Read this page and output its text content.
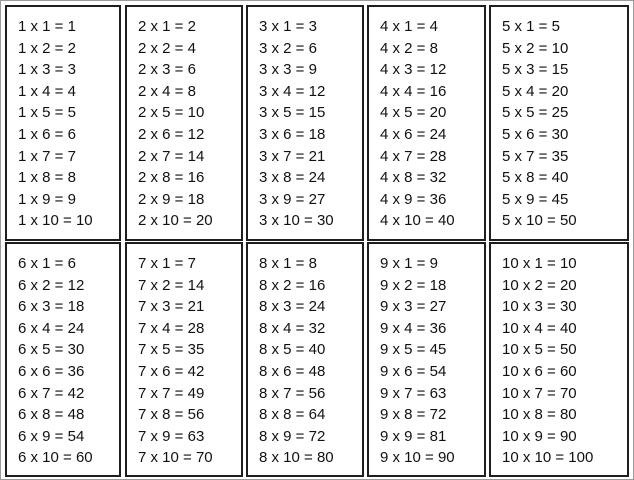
1 x 1 = 1
1 x 2 = 2
1 x 3 = 3
1 x 4 = 4
1 x 5 = 5
1 x 6 = 6
1 x 7 = 7
1 x 8 = 8
1 x 9 = 9
1 x 10 = 10
2 x 1 = 2
2 x 2 = 4
2 x 3 = 6
2 x 4 = 8
2 x 5 = 10
2 x 6 = 12
2 x 7 = 14
2 x 8 = 16
2 x 9 = 18
2 x 10 = 20
3 x 1 = 3
3 x 2 = 6
3 x 3 = 9
3 x 4 = 12
3 x 5 = 15
3 x 6 = 18
3 x 7 = 21
3 x 8 = 24
3 x 9 = 27
3 x 10 = 30
4 x 1 = 4
4 x 2 = 8
4 x 3 = 12
4 x 4 = 16
4 x 5 = 20
4 x 6 = 24
4 x 7 = 28
4 x 8 = 32
4 x 9 = 36
4 x 10 = 40
5 x 1 = 5
5 x 2 = 10
5 x 3 = 15
5 x 4 = 20
5 x 5 = 25
5 x 6 = 30
5 x 7 = 35
5 x 8 = 40
5 x 9 = 45
5 x 10 = 50
6 x 1 = 6
6 x 2 = 12
6 x 3 = 18
6 x 4 = 24
6 x 5 = 30
6 x 6 = 36
6 x 7 = 42
6 x 8 = 48
6 x 9 = 54
6 x 10 = 60
7 x 1 = 7
7 x 2 = 14
7 x 3 = 21
7 x 4 = 28
7 x 5 = 35
7 x 6 = 42
7 x 7 = 49
7 x 8 = 56
7 x 9 = 63
7 x 10 = 70
8 x 1 = 8
8 x 2 = 16
8 x 3 = 24
8 x 4 = 32
8 x 5 = 40
8 x 6 = 48
8 x 7 = 56
8 x 8 = 64
8 x 9 = 72
8 x 10 = 80
9 x 1 = 9
9 x 2 = 18
9 x 3 = 27
9 x 4 = 36
9 x 5 = 45
9 x 6 = 54
9 x 7 = 63
9 x 8 = 72
9 x 9 = 81
9 x 10 = 90
10 x 1 = 10
10 x 2 = 20
10 x 3 = 30
10 x 4 = 40
10 x 5 = 50
10 x 6 = 60
10 x 7 = 70
10 x 8 = 80
10 x 9 = 90
10 x 10 = 100
